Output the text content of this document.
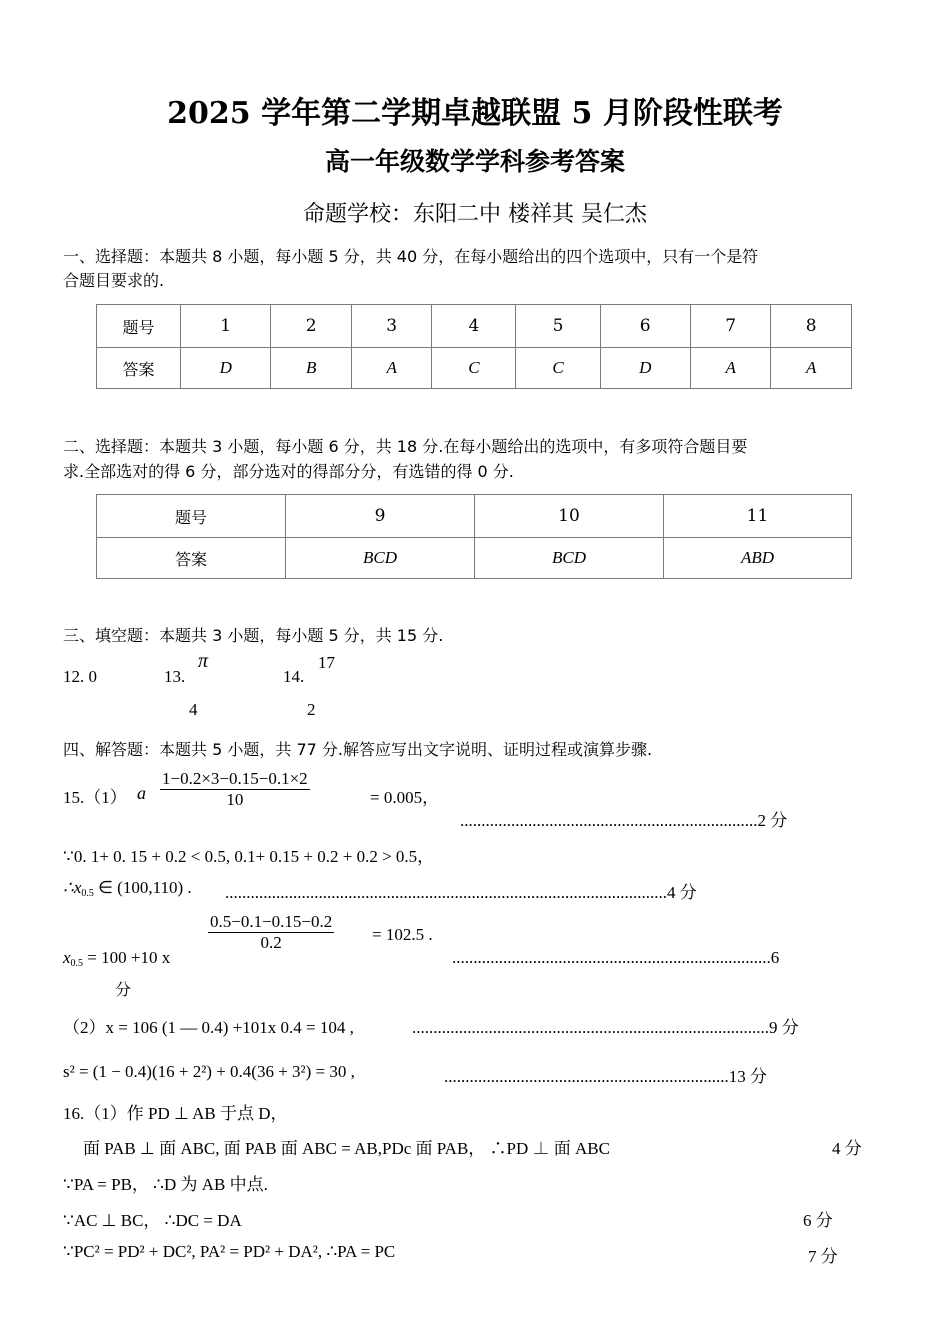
2025 学年第二学期卓越联盟 5 月阶段性联考
高一年级数学学科参考答案
命题学校：东阳二中 楼祥其 吴仁杰
一、选择题：本题共 8 小题，每小题 5 分，共 40 分，在每小题给出的四个选项中，只有一个是符
合题目要求的.
题号	1	2	3	4	5	6	7	8
答案	D	B	A	C	C	D	A	A
二、选择题：本题共 3 小题，每小题 6 分，共 18 分.在每小题给出的选项中，有多项符合题目要
求.全部选对的得 6 分，部分选对的得部分分，有选错的得 0 分.
题号	9	10	11
答案	BCD	BCD	ABD
三、填空题：本题共 3 小题，每小题 5 分，共 15 分.
12. 0	13.
π
4
14.
17
2
四、解答题：本题共 5 小题，共 77 分.解答应写出文字说明、证明过程或演算步骤.
15.（1） a $\frac{1-0.2\times 3-0.15-0.1\times 2}{10}$	= 0.005，
......................................................................2 分
∵0. 1+ 0. 15 + 0.2 < 0.5, 0.1+ 0.15 + 0.2 + 0.2 > 0.5，
$\therefore x_{0.5}$ ∈ (100,110) . ........................................................................................................4 分
$\frac{0.5-0.1-0.15-0.2}{0.2} = 102.5$ .
$x_{0.5} = 100 +10$ x	...........................................................................6
分
（2）x = 106 (1 — 0.4) +101x 0.4 = 104 ,	....................................................................................9 分
s² = (1 − 0.4)(16 + 2²) + 0.4(36 + 3²) = 30 ,	...................................................................13 分
16.（1）作 PD ⊥ AB 于点 D，
面 PAB ⊥ 面 ABC, 面 PAB 面 ABC = AB,PDc 面 PAB， ∴PD ⊥ 面 ABC	4 分
∵PA = PB， ∴D 为 AB 中点.
∵AC ⊥ BC， ∴DC = DA	6 分
∵PC² = PD² + DC², PA² = PD² + DA², ∴PA = PC	7 分
